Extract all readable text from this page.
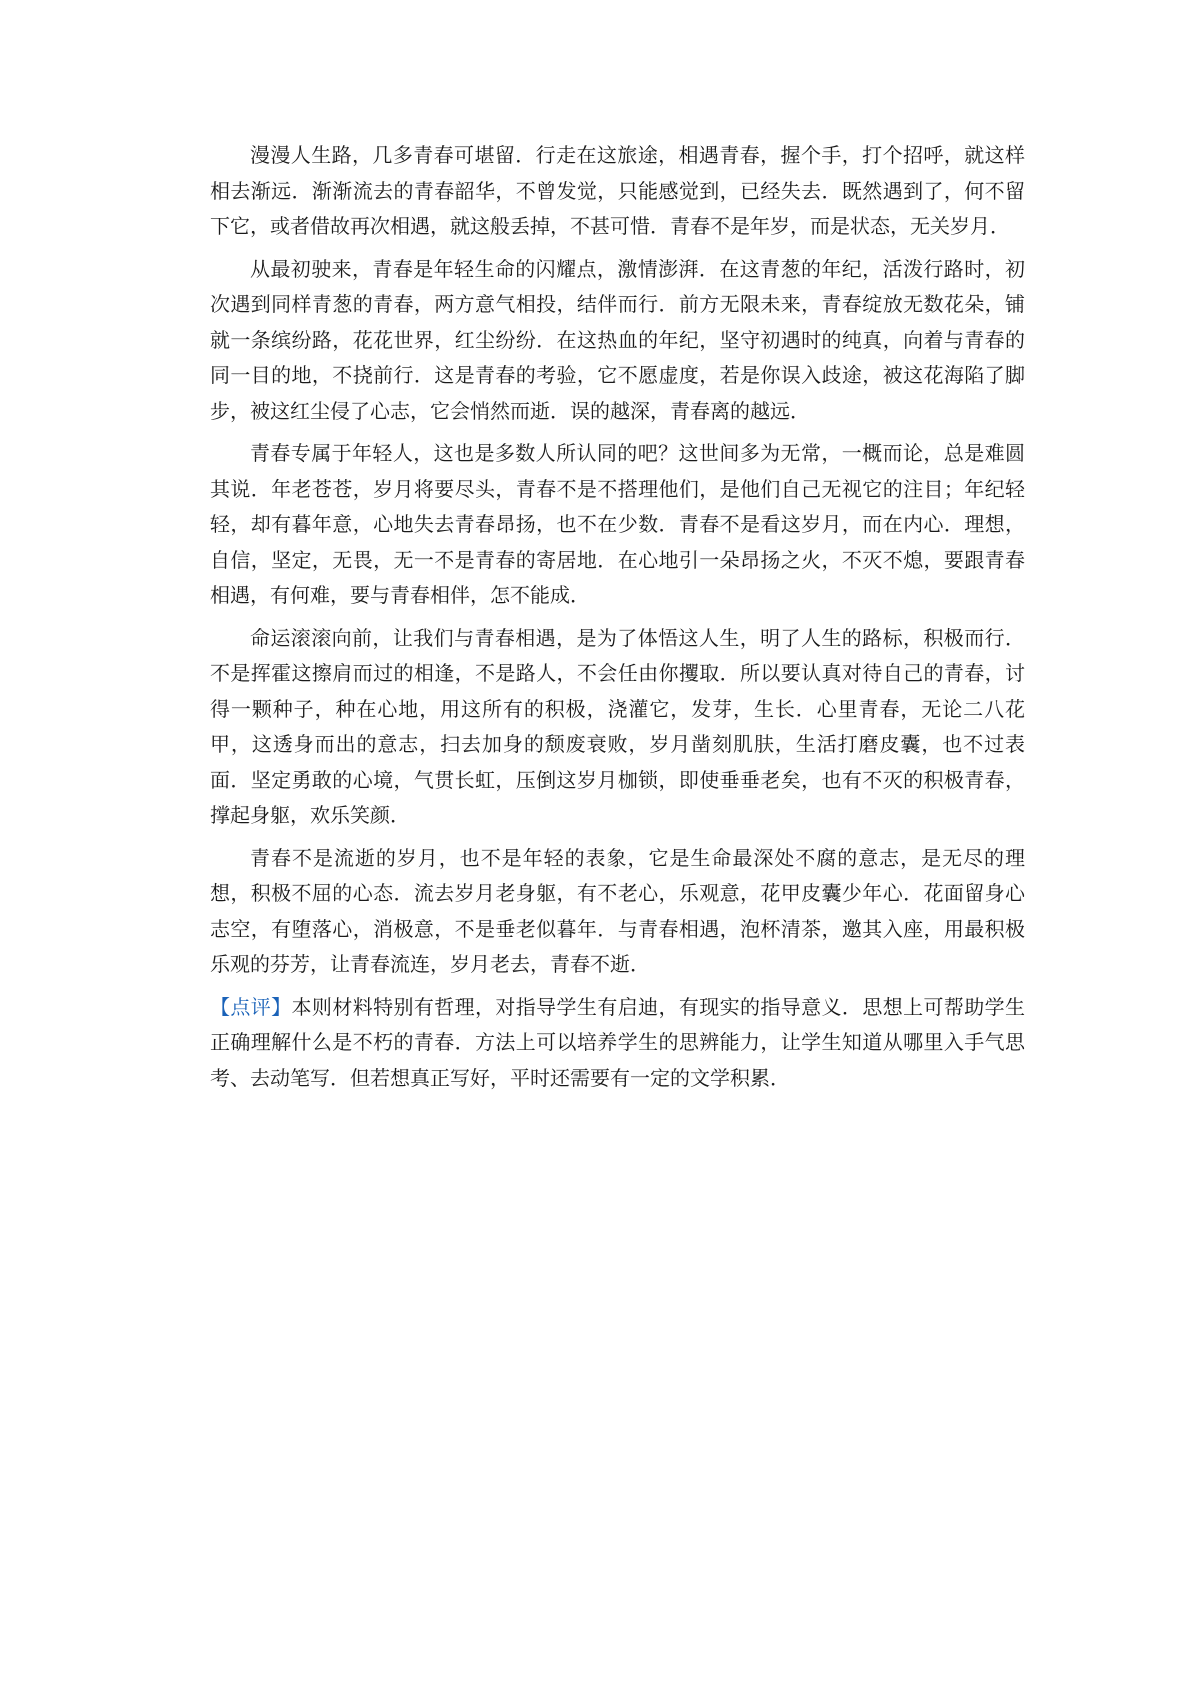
漫漫人生路，几多青春可堪留．行走在这旅途，相遇青春，握个手，打个招呼，就这样相去渐远．渐渐流去的青春韶华，不曾发觉，只能感觉到，已经失去．既然遇到了，何不留下它，或者借故再次相遇，就这般丢掉，不甚可惜．青春不是年岁，而是状态，无关岁月．

从最初驶来，青春是年轻生命的闪耀点，激情澎湃．在这青葱的年纪，活泼行路时，初次遇到同样青葱的青春，两方意气相投，结伴而行．前方无限未来，青春绽放无数花朵，铺就一条缤纷路，花花世界，红尘纷纷．在这热血的年纪，坚守初遇时的纯真，向着与青春的同一目的地，不挠前行．这是青春的考验，它不愿虚度，若是你误入歧途，被这花海陷了脚步，被这红尘侵了心志，它会悄然而逝．误的越深，青春离的越远．

青春专属于年轻人，这也是多数人所认同的吧？这世间多为无常，一概而论，总是难圆其说．年老苍苍，岁月将要尽头，青春不是不搭理他们，是他们自己无视它的注目；年纪轻轻，却有暮年意，心地失去青春昂扬，也不在少数．青春不是看这岁月，而在内心．理想，自信，坚定，无畏，无一不是青春的寄居地．在心地引一朵昂扬之火，不灭不熄，要跟青春相遇，有何难，要与青春相伴，怎不能成．

命运滚滚向前，让我们与青春相遇，是为了体悟这人生，明了人生的路标，积极而行．不是挥霍这擦肩而过的相逢，不是路人，不会任由你攫取．所以要认真对待自己的青春，讨得一颗种子，种在心地，用这所有的积极，浇灌它，发芽，生长．心里青春，无论二八花甲，这透身而出的意志，扫去加身的颓废衰败，岁月凿刻肌肤，生活打磨皮囊，也不过表面．坚定勇敢的心境，气贯长虹，压倒这岁月枷锁，即使垂垂老矣，也有不灭的积极青春，撑起身躯，欢乐笑颜．

青春不是流逝的岁月，也不是年轻的表象，它是生命最深处不腐的意志，是无尽的理想，积极不屈的心态．流去岁月老身躯，有不老心，乐观意，花甲皮囊少年心．花面留身心志空，有堕落心，消极意，不是垂老似暮年．与青春相遇，泡杯清茶，邀其入座，用最积极乐观的芬芳，让青春流连，岁月老去，青春不逝．

【点评】本则材料特别有哲理，对指导学生有启迪，有现实的指导意义．思想上可帮助学生正确理解什么是不朽的青春．方法上可以培养学生的思辨能力，让学生知道从哪里入手气思考、去动笔写．但若想真正写好，平时还需要有一定的文学积累．
